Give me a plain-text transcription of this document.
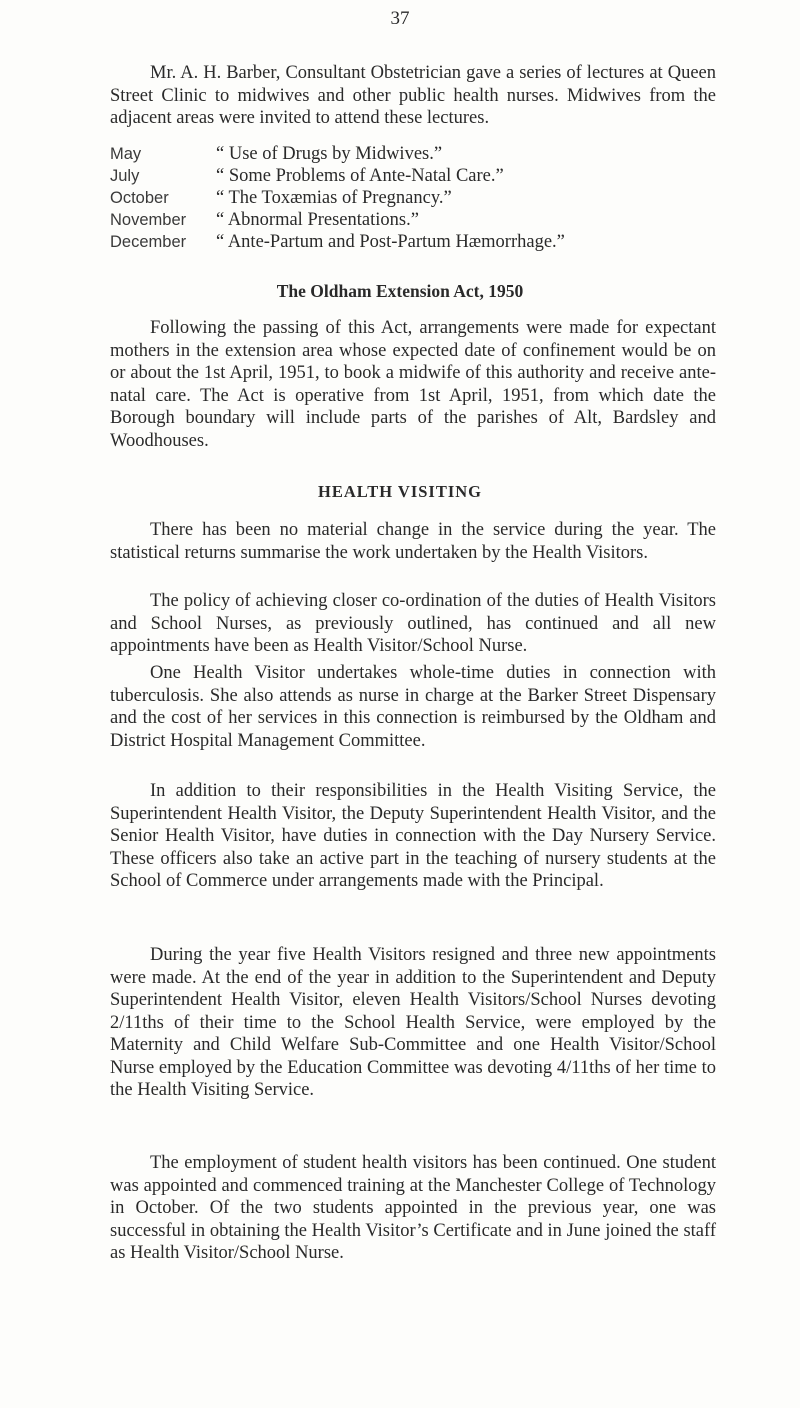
37

Mr. A. H. Barber, Consultant Obstetrician gave a series of lectures at Queen Street Clinic to midwives and other public health nurses. Midwives from the adjacent areas were invited to attend these lectures.

May	“ Use of Drugs by Midwives.”
July	“ Some Problems of Ante-Natal Care.”
October	“ The Toxæmias of Pregnancy.”
November	“ Abnormal Presentations.”
December	“ Ante-Partum and Post-Partum Hæmorrhage.”
The Oldham Extension Act, 1950

Following the passing of this Act, arrangements were made for expectant mothers in the extension area whose expected date of confinement would be on or about the 1st April, 1951, to book a midwife of this authority and receive ante-natal care. The Act is operative from 1st April, 1951, from which date the Borough boundary will include parts of the parishes of Alt, Bardsley and Woodhouses.

HEALTH VISITING

There has been no material change in the service during the year. The statistical returns summarise the work undertaken by the Health Visitors.

The policy of achieving closer co-ordination of the duties of Health Visitors and School Nurses, as previously outlined, has continued and all new appointments have been as Health Visitor/School Nurse.

One Health Visitor undertakes whole-time duties in connection with tuberculosis. She also attends as nurse in charge at the Barker Street Dispensary and the cost of her services in this connection is reimbursed by the Oldham and District Hospital Management Committee.

In addition to their responsibilities in the Health Visiting Service, the Superintendent Health Visitor, the Deputy Superintendent Health Visitor, and the Senior Health Visitor, have duties in connection with the Day Nursery Service. These officers also take an active part in the teaching of nursery students at the School of Commerce under arrangements made with the Principal.

During the year five Health Visitors resigned and three new appointments were made. At the end of the year in addition to the Superintendent and Deputy Superintendent Health Visitor, eleven Health Visitors/School Nurses devoting 2/11ths of their time to the School Health Service, were employed by the Maternity and Child Welfare Sub-Committee and one Health Visitor/School Nurse employed by the Education Committee was devoting 4/11ths of her time to the Health Visiting Service.

The employment of student health visitors has been continued. One student was appointed and commenced training at the Manchester College of Technology in October. Of the two students appointed in the previous year, one was successful in obtaining the Health Visitor’s Certificate and in June joined the staff as Health Visitor/School Nurse.
